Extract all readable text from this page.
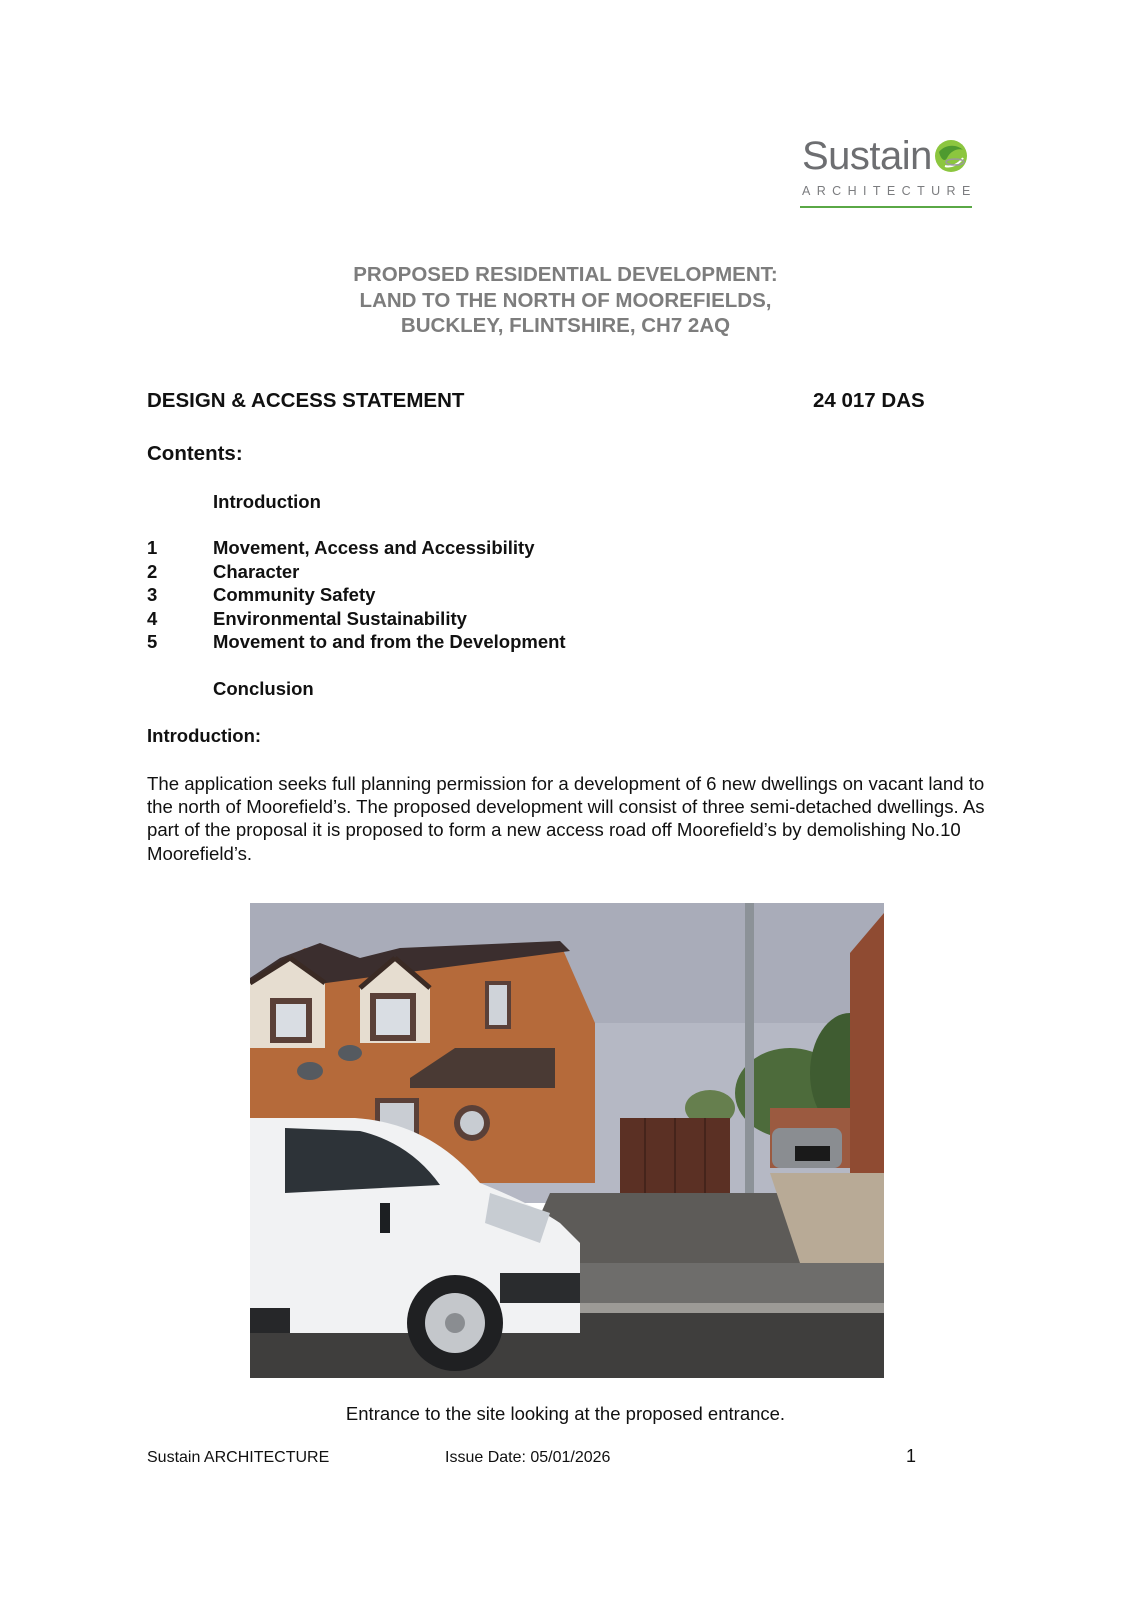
Sustain
ARCHITECTURE
PROPOSED RESIDENTIAL DEVELOPMENT:
LAND TO THE NORTH OF MOOREFIELDS,
BUCKLEY, FLINTSHIRE, CH7 2AQ
DESIGN & ACCESS STATEMENT	24 017 DAS
Contents:
Introduction
1	Movement, Access and Accessibility
2	Character
3	Community Safety
4	Environmental Sustainability
5	Movement to and from the Development
Conclusion
Introduction:
The application seeks full planning permission for a development of 6 new dwellings on vacant land to the north of Moorefield’s. The proposed development will consist of three semi-detached dwellings. As part of the proposal it is proposed to form a new access road off Moorefield’s by demolishing No.10 Moorefield’s.
Entrance to the site looking at the proposed entrance.
Sustain ARCHITECTURE	Issue Date: 05/01/2026	1
